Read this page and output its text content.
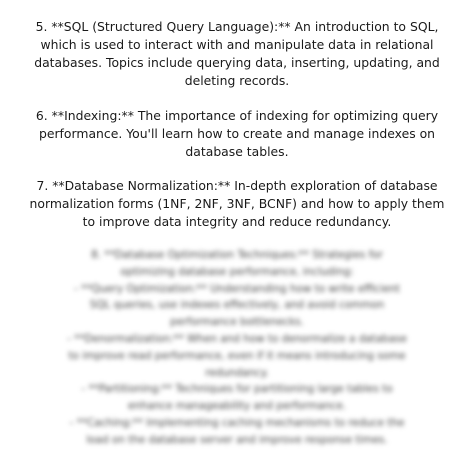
5. **SQL (Structured Query Language):** An introduction to SQL,
which is used to interact with and manipulate data in relational
databases. Topics include querying data, inserting, updating, and
deleting records.

6. **Indexing:** The importance of indexing for optimizing query
performance. You'll learn how to create and manage indexes on
database tables.

7. **Database Normalization:** In-depth exploration of database
normalization forms (1NF, 2NF, 3NF, BCNF) and how to apply them
to improve data integrity and reduce redundancy.

8. **Database Optimization Techniques:** Strategies for
optimizing database performance, including:

- **Query Optimization:** Understanding how to write efficient
SQL queries, use indexes effectively, and avoid common
performance bottlenecks.

- **Denormalization:** When and how to denormalize a database
to improve read performance, even if it means introducing some
redundancy.

- **Partitioning:** Techniques for partitioning large tables to
enhance manageability and performance.

- **Caching:** Implementing caching mechanisms to reduce the
load on the database server and improve response times.
